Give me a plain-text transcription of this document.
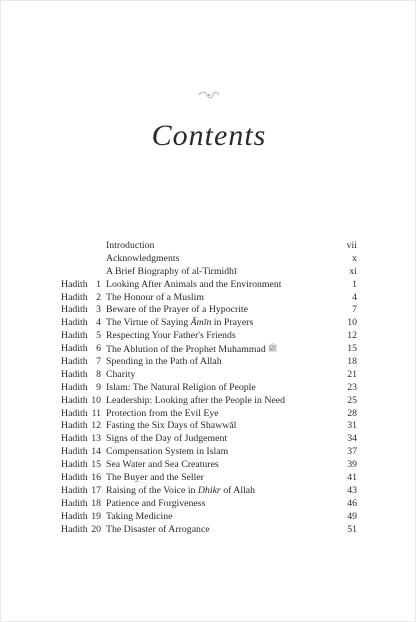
Contents
Introduction	vii
Acknowledgments	x
A Brief Biography of al-Tirmidhī	xi
Hadith 1 Looking After Animals and the Environment	1
Hadith 2 The Honour of a Muslim	4
Hadith 3 Beware of the Prayer of a Hypocrite	7
Hadith 4 The Virtue of Saying Āmīn in Prayers	10
Hadith 5 Respecting Your Father's Friends	12
Hadith 6 The Ablution of the Prophet Muhammad ﷺ	15
Hadith 7 Spending in the Path of Allah	18
Hadith 8 Charity	21
Hadith 9 Islam: The Natural Religion of People	23
Hadith 10 Leadership: Looking after the People in Need	25
Hadith 11 Protection from the Evil Eye	28
Hadith 12 Fasting the Six Days of Shawwāl	31
Hadith 13 Signs of the Day of Judgement	34
Hadith 14 Compensation System in Islam	37
Hadith 15 Sea Water and Sea Creatures	39
Hadith 16 The Buyer and the Seller	41
Hadith 17 Raising of the Voice in Dhikr of Allah	43
Hadith 18 Patience and Forgiveness	46
Hadith 19 Taking Medicine	49
Hadith 20 The Disaster of Arrogance	51
